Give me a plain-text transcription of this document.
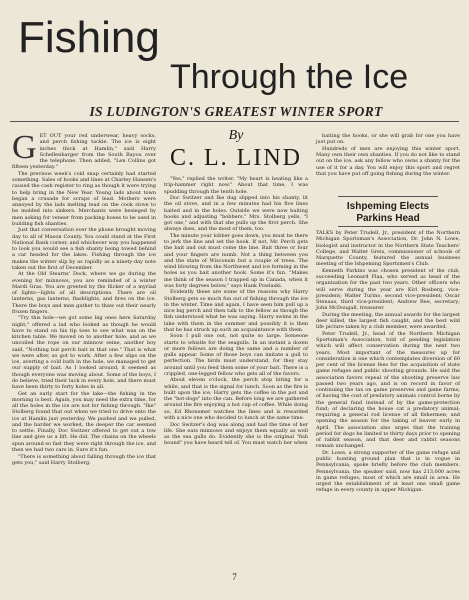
Fishing
Through the Ice
IS LUDINGTON'S GREATEST WINTER SPORT

GET OUT your red underwear, heavy socks, and perch fishing tackle. The ice is eight inches thick at Hamlin," said Harry Schellenbarger from the South Bayou over the telephone. Then added, "Len Collins got fifteen yesterday."

The previous week's cold snap certainly had started something. Sales of hooks and lines at Charley Hansen's caused the cash register to ring as though it were trying to help bring in the New Year. Young lads about town began a crusade for scraps of lead. Mothers were annoyed by the lads melting lead on the cook stove to be molded into sinkers. Merchants were besieged by men asking for veneer from packing boxes to be used in building fish shanties.

Just that conversation over the phone brought moving day to all of Mason County. You could stand at the First National Bank corner, and whichever way you happened to look you would see a fish shanty being towed behind a car headed for the lakes. Fishing through the ice makes the winter slip by as rapidly as a ninety-day note taken out the first of December.

At the Old Stearns' Dock, where we go during the evening for minnows, you are reminded of a winter Mardi Gras. You are greeted by the flicker of a myriad of lights—lights of all descriptions. There are oil lanterns, gas lanterns, flashlights, and fires on the ice. There the boys and men gather to thaw out their nearly frozen fingers.

"Try this hole—we got some big ones here Saturday night," offered a lad who looked as though he would have to stand on his tip toes to see what was on the kitchen table. We moved on to another hole, and as we uncoiled the rope on our minnow seine, another boy said, "Nothing but perch bait in that one." That is what we were after, so got to work. After a few slips on the ice, averting a cold bath in the hole, we managed to get our supply of bait. As I looked around, it seemed as though everyone was moving about. Some of the boys, I do believe, tried their luck in every hole, and there must have been thirty to forty holes in all.

Get an early start for the lake—the fishing in the morning is best. Again, you may need the extra time, for all the holes in the ice are not for fishing through. "Ike" Stolberg found that out when we tried to drive onto the ice at Hamlin just yesterday. We pushed and we pulled, and the harder we worked, the deeper the car seemed to settle. Finally, Doc Switzer offered to get out a tow line and give us a lift. He did. The chains on the wheels spun around so fast they were right through the ice, and then we had two cars in. Sure it's fun.

"There is something about falling through the ice that gets you," said Harry Stolberg.

By
C. L. LIND

"Yes," replied the writer. "My heart is beating like a trip-hammer right now." About that time, I was spudding through the tenth hole.

Doc Switzer and Ike dug slipped into his shanty, lit the oil stove, and in a few minutes had his five lines baited and in the holes. Outside we were now baiting hooks and adjusting "bobbers." Mrs. Stolberg yells, "I got one," and with that she pulls up the first perch. She always does, and the most of them, too.

The minute your lobber goes down, you must be there to jerk the line and set the hook. If not, Mr. Perch gets the bait and out must come the line. Bait three or four and your fingers are numb. Not a thing between you and the state of Wisconsin but a couple of trees. The wind blowing from the Northwest and ice forming in the holes as you bait another hook. Some it's fun. "Makes me think of the season I trapped up in Canada, when it was forty degrees below," says Hank Powlaski.

Evidently these are some of the reasons why Harry Stolberg gets so much fun out of fishing through the ice in the winter. Time and again, I have seen him pull up a nice big perch and then talk to the fellow as though the fish understood what he was saying. Harry swims in the lake with them in the summer and possibly it is then that he has struck up such an acquaintance with them.

Soon I pull one out, not quite so large. Someone starts to whistle for the seagulls. In an instant a dozen or more fellows are doing the same and a number of gulls appear. Some of those boys can imitate a gull to perfection. The birds must understand, for they stay around until you feed them some of your bait. There is a crippled, one-legged fellow who gets all of the favors.

About eleven o'clock, the perch stop biting for a while, and that is the signal for lunch. Soon as the fire is built upon the ice, Harry gets the coffee in the pot and the "hot-dogs" into the can. Before long we are gathered around the fire enjoying a hot cup of coffee. While doing so, Ed Rhonemer watches the lines and is rewarded with a nice one who decided to lunch at the same time.

Doc Switzer's dog was along and had the time of her life. She eats minnows and enjoys them equally as well as the sea gulls do. Evidently she is the original "fish hound" you have heard tell of. You must watch her when

baiting the hooks, or she will grab for one you have just put on.

Hundreds of men are enjoying this winter sport. Many own their own shanties. If you do not like to stand out on the ice, ask any fellow who owns a shanty for the use of it for a day. You will enjoy this sport and regret that you have put off going fishing during the winter.

Ishpeming Elects
Parkins Head

TALKS by Peter Trudell, Jr., president of the Northern Michigan Sportsman's Association, Dr. John N. Lowe, biologist and instructor in the Northern State Teachers' College, and Walter Greis, commissioner of schools of Marquette County, featured the annual business meeting of the Ishpeming Sportsmen's Club.

Kenneth Parkins was chosen president of the club, succeeding Leonard Flaa, who served as head of the organization for the past two years. Other officers who will serve during the year are Kirl Rosberg, vice-president; Walter Turino, second vice-president; Oscar Stenaas, third vice-president; Andrew Ree, secretary; John McDougall, treasurer.

During the meeting, the annual awards for the largest deer killed, the largest fish caught, and the best wild life picture taken by a club member, were awarded.

Peter Trudell, Jr., head of the Northern Michigan Sportsman's Association, told of pending legislation which will affect conservation during the next two years. Most important of the measures up for consideration is one which contemplates diversion of 60 per cent of the license fees for the acquisition of state game refuges and public shooting grounds. He said the association favors repeal of the shooting preserve law passed two years ago, and is on record in favor of continuing the tax on game preserves and game farms; of having the cost of predatory animals control borne by the general fund instead of by the game-protection fund; of declaring the house cat a predatory animal; requiring a general rod license of all fishermen; and opening the season for the taking of beaver early in April. The association also urges that the training period for dogs be limited to thirty days prior to opening of rabbit season, and that deer and rabbit seasons remain unchanged.

Dr. Lowe, a strong supporter of the game refuge and public hunting ground plan that is in vogue in Pennsylvania, spoke briefly before the club members. Pennsylvania, the speaker said, now has 213,000 acres in game refuges, most of which are small in area. He urged the establishment of at least one small game refuge in every county in upper Michigan.

7
